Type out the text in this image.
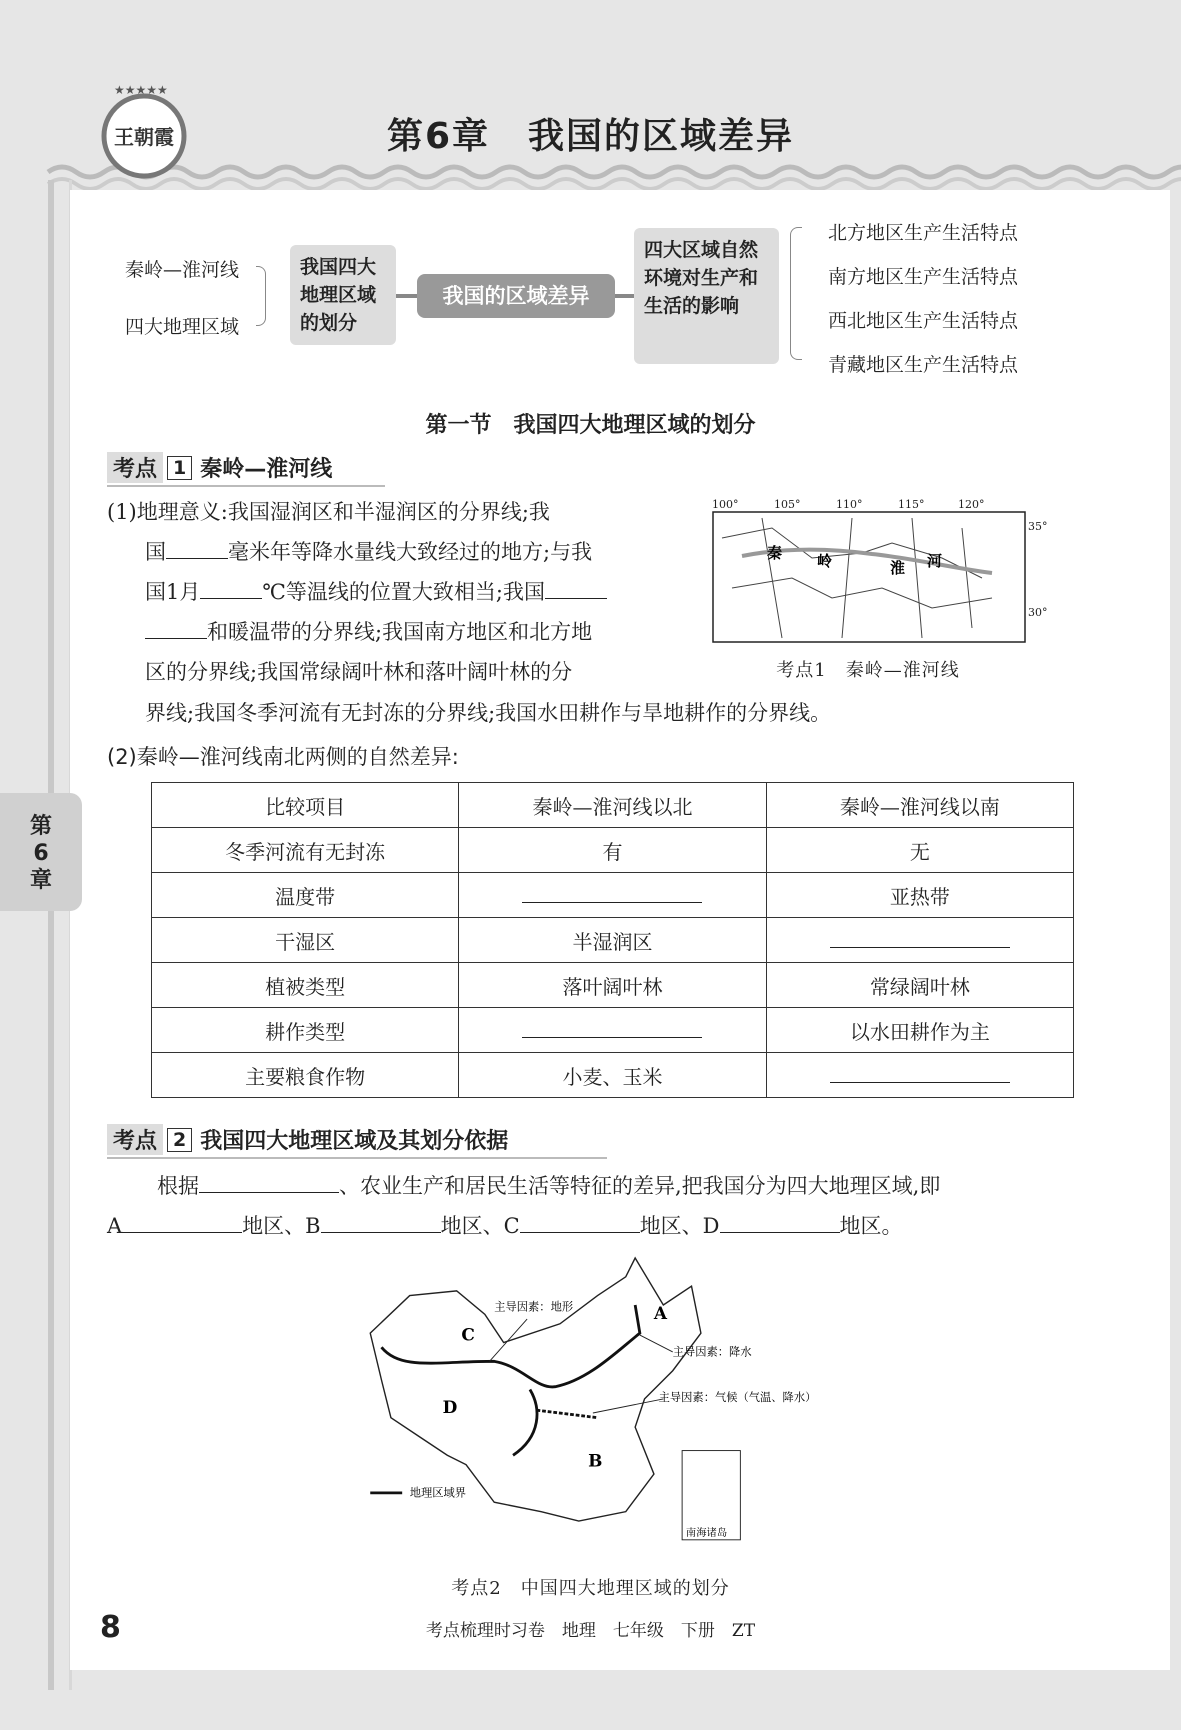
★★★★★
王朝霞	第6章　我国的区域差异
秦岭—淮河线
四大地理区域
我国四大地理区域的划分
我国的区域差异
四大区域自然环境对生产和生活的影响
北方地区生产生活特点
南方地区生产生活特点
西北地区生产生活特点
青藏地区生产生活特点
第一节　我国四大地理区域的划分
考点 1 秦岭—淮河线
(1)地理意义:我国湿润区和半湿润区的分界线;我
国	毫米年等降水量线大致经过的地方;与我
国1月	℃等温线的位置大致相当;我国
和暖温带的分界线;我国南方地区和北方地
区的分界线;我国常绿阔叶林和落叶阔叶林的分
界线;我国冬季河流有无封冻的分界线;我国水田耕作与旱地耕作的分界线。
100°	105°	110°	115°	120°
35°
30°
秦 岭	淮 河
考点1　秦岭—淮河线
(2)秦岭—淮河线南北两侧的自然差异:
比较项目	秦岭—淮河线以北	秦岭—淮河线以南
冬季河流有无封冻	有	无
温度带		亚热带
干湿区	半湿润区	
植被类型	落叶阔叶林	常绿阔叶林
耕作类型		以水田耕作为主
主要粮食作物	小麦、玉米	
考点 2 我国四大地理区域及其划分依据
根据	、农业生产和居民生活等特征的差异,把我国分为四大地理区域,即
A	地区、B	地区、C	地区、D	地区。
A
B
C
D
主导因素：地形
主导因素：降水
主导因素：气候（气温、降水）
地理区域界
南海诸岛
考点2　中国四大地理区域的划分
第
6
章
8	考点梳理时习卷　地理　七年级　下册　ZT
